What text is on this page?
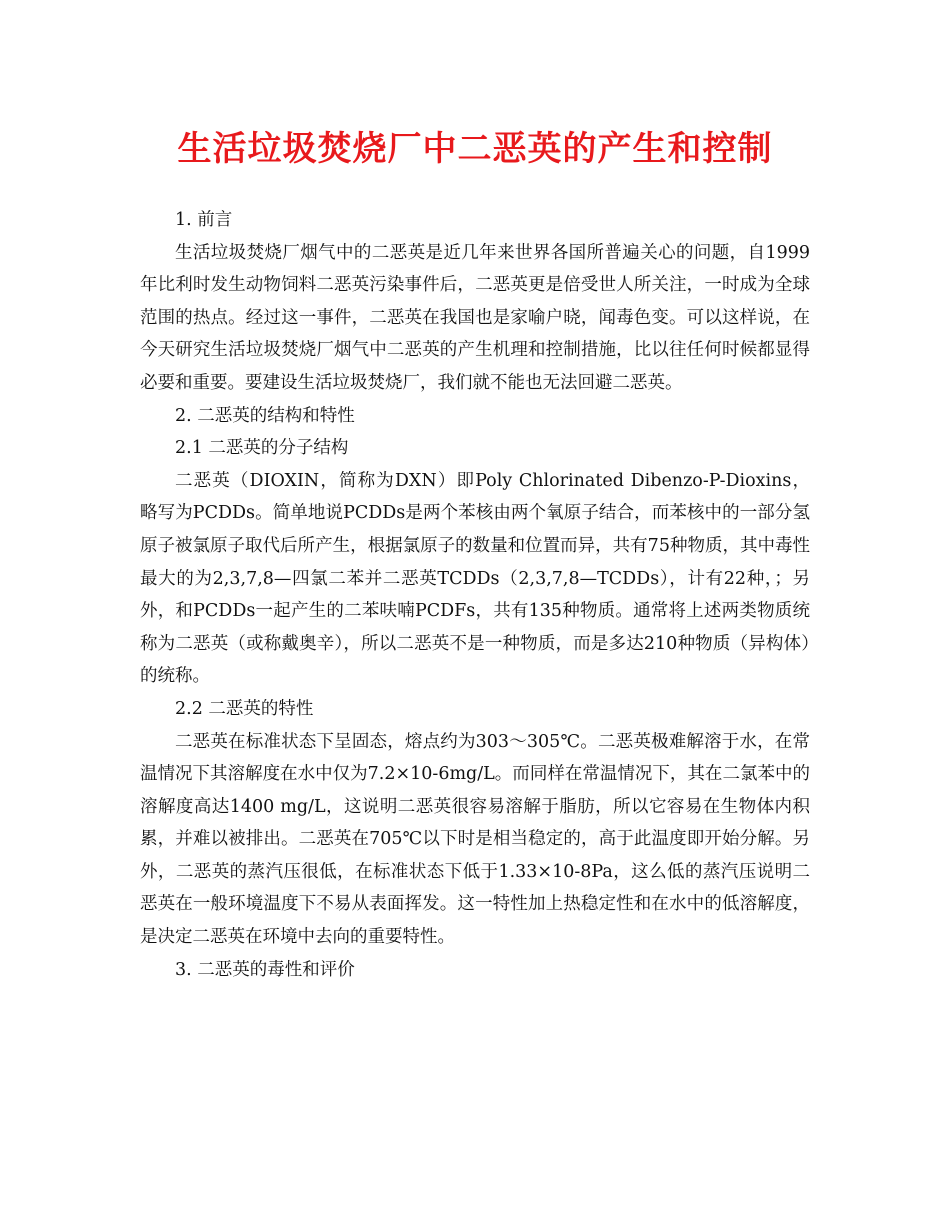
生活垃圾焚烧厂中二恶英的产生和控制

1. 前言

生活垃圾焚烧厂烟气中的二恶英是近几年来世界各国所普遍关心的问题，自1999年比利时发生动物饲料二恶英污染事件后，二恶英更是倍受世人所关注，一时成为全球范围的热点。经过这一事件，二恶英在我国也是家喻户晓，闻毒色变。可以这样说，在今天研究生活垃圾焚烧厂烟气中二恶英的产生机理和控制措施，比以往任何时候都显得必要和重要。要建设生活垃圾焚烧厂，我们就不能也无法回避二恶英。

2. 二恶英的结构和特性

2.1 二恶英的分子结构

二恶英（DIOXIN，简称为DXN）即Poly Chlorinated Dibenzo-P-Dioxins，略写为PCDDs。简单地说PCDDs是两个苯核由两个氧原子结合，而苯核中的一部分氢原子被氯原子取代后所产生，根据氯原子的数量和位置而异，共有75种物质，其中毒性最大的为2,3,7,8—四氯二苯并二恶英TCDDs（2,3,7,8—TCDDs），计有22种，；另外，和PCDDs一起产生的二苯呋喃PCDFs，共有135种物质。通常将上述两类物质统称为二恶英（或称戴奥辛），所以二恶英不是一种物质，而是多达210种物质（异构体）的统称。

2.2 二恶英的特性

二恶英在标准状态下呈固态，熔点约为303～305℃。二恶英极难解溶于水，在常温情况下其溶解度在水中仅为7.2×10-6mg/L。而同样在常温情况下，其在二氯苯中的溶解度高达1400 mg/L，这说明二恶英很容易溶解于脂肪，所以它容易在生物体内积累，并难以被排出。二恶英在705℃以下时是相当稳定的，高于此温度即开始分解。另外，二恶英的蒸汽压很低，在标准状态下低于1.33×10-8Pa，这么低的蒸汽压说明二恶英在一般环境温度下不易从表面挥发。这一特性加上热稳定性和在水中的低溶解度，是决定二恶英在环境中去向的重要特性。

3. 二恶英的毒性和评价
